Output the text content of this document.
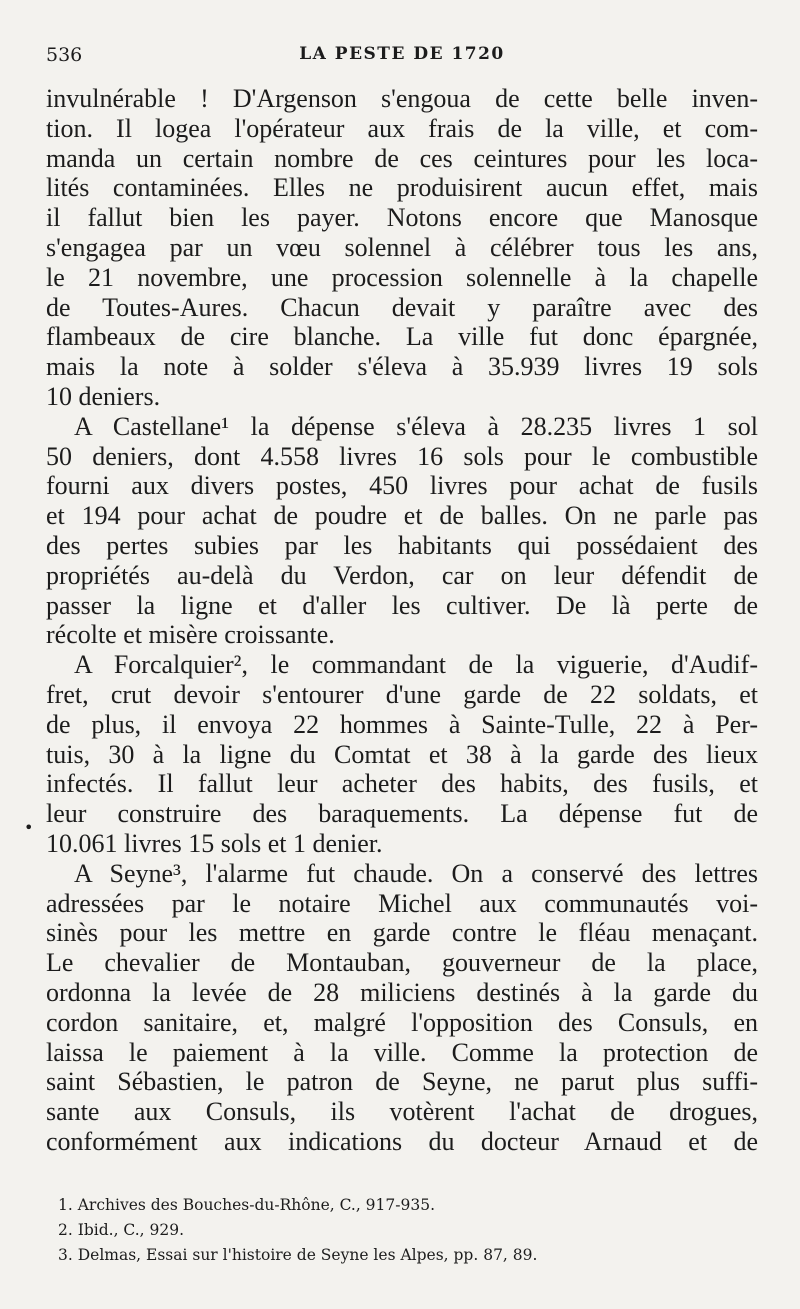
536	LA PESTE DE 1720
•
invulnérable ! D'Argenson s'engoua de cette belle inven-
tion. Il logea l'opérateur aux frais de la ville, et com-
manda un certain nombre de ces ceintures pour les loca-
lités contaminées. Elles ne produisirent aucun effet, mais
il fallut bien les payer. Notons encore que Manosque
s'engagea par un vœu solennel à célébrer tous les ans,
le 21 novembre, une procession solennelle à la chapelle
de Toutes-Aures. Chacun devait y paraître avec des
flambeaux de cire blanche. La ville fut donc épargnée,
mais la note à solder s'éleva à 35.939 livres 19 sols
10 deniers.
A Castellane¹ la dépense s'éleva à 28.235 livres 1 sol
50 deniers, dont 4.558 livres 16 sols pour le combustible
fourni aux divers postes, 450 livres pour achat de fusils
et 194 pour achat de poudre et de balles. On ne parle pas
des pertes subies par les habitants qui possédaient des
propriétés au-delà du Verdon, car on leur défendit de
passer la ligne et d'aller les cultiver. De là perte de
récolte et misère croissante.
A Forcalquier², le commandant de la viguerie, d'Audif-
fret, crut devoir s'entourer d'une garde de 22 soldats, et
de plus, il envoya 22 hommes à Sainte-Tulle, 22 à Per-
tuis, 30 à la ligne du Comtat et 38 à la garde des lieux
infectés. Il fallut leur acheter des habits, des fusils, et
leur construire des baraquements. La dépense fut de
10.061 livres 15 sols et 1 denier.
A Seyne³, l'alarme fut chaude. On a conservé des lettres
adressées par le notaire Michel aux communautés voi-
sinès pour les mettre en garde contre le fléau menaçant.
Le chevalier de Montauban, gouverneur de la place,
ordonna la levée de 28 miliciens destinés à la garde du
cordon sanitaire, et, malgré l'opposition des Consuls, en
laissa le paiement à la ville. Comme la protection de
saint Sébastien, le patron de Seyne, ne parut plus suffi-
sante aux Consuls, ils votèrent l'achat de drogues,
conformément aux indications du docteur Arnaud et de
1. Archives des Bouches-du-Rhône, C., 917-935.
2. Ibid., C., 929.
3. Delmas, Essai sur l'histoire de Seyne les Alpes, pp. 87, 89.
